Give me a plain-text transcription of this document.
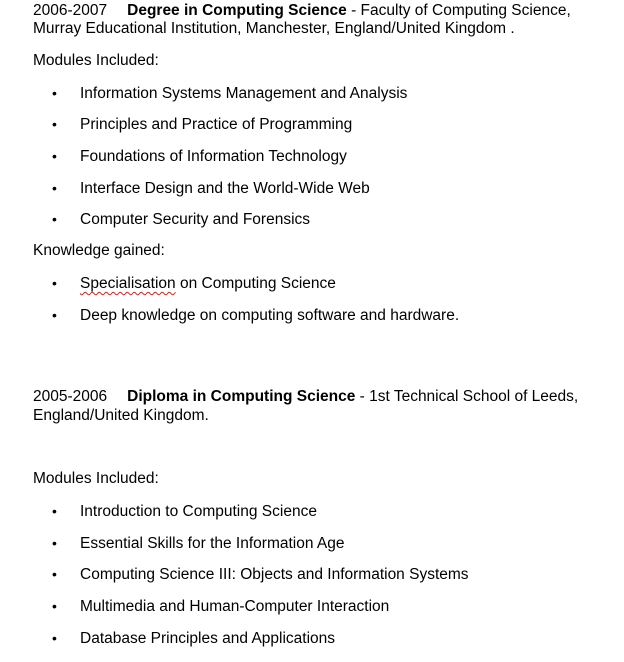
2006-2007 Degree in Computing Science - Faculty of Computing Science,
Murray Educational Institution, Manchester, England/United Kingdom .
Modules Included:
• Information Systems Management and Analysis
• Principles and Practice of Programming
• Foundations of Information Technology
• Interface Design and the World-Wide Web
• Computer Security and Forensics
Knowledge gained:
• Specialisation on Computing Science
• Deep knowledge on computing software and hardware.
2005-2006 Diploma in Computing Science - 1st Technical School of Leeds,
England/United Kingdom.
Modules Included:
• Introduction to Computing Science
• Essential Skills for the Information Age
• Computing Science III: Objects and Information Systems
• Multimedia and Human-Computer Interaction
• Database Principles and Applications
